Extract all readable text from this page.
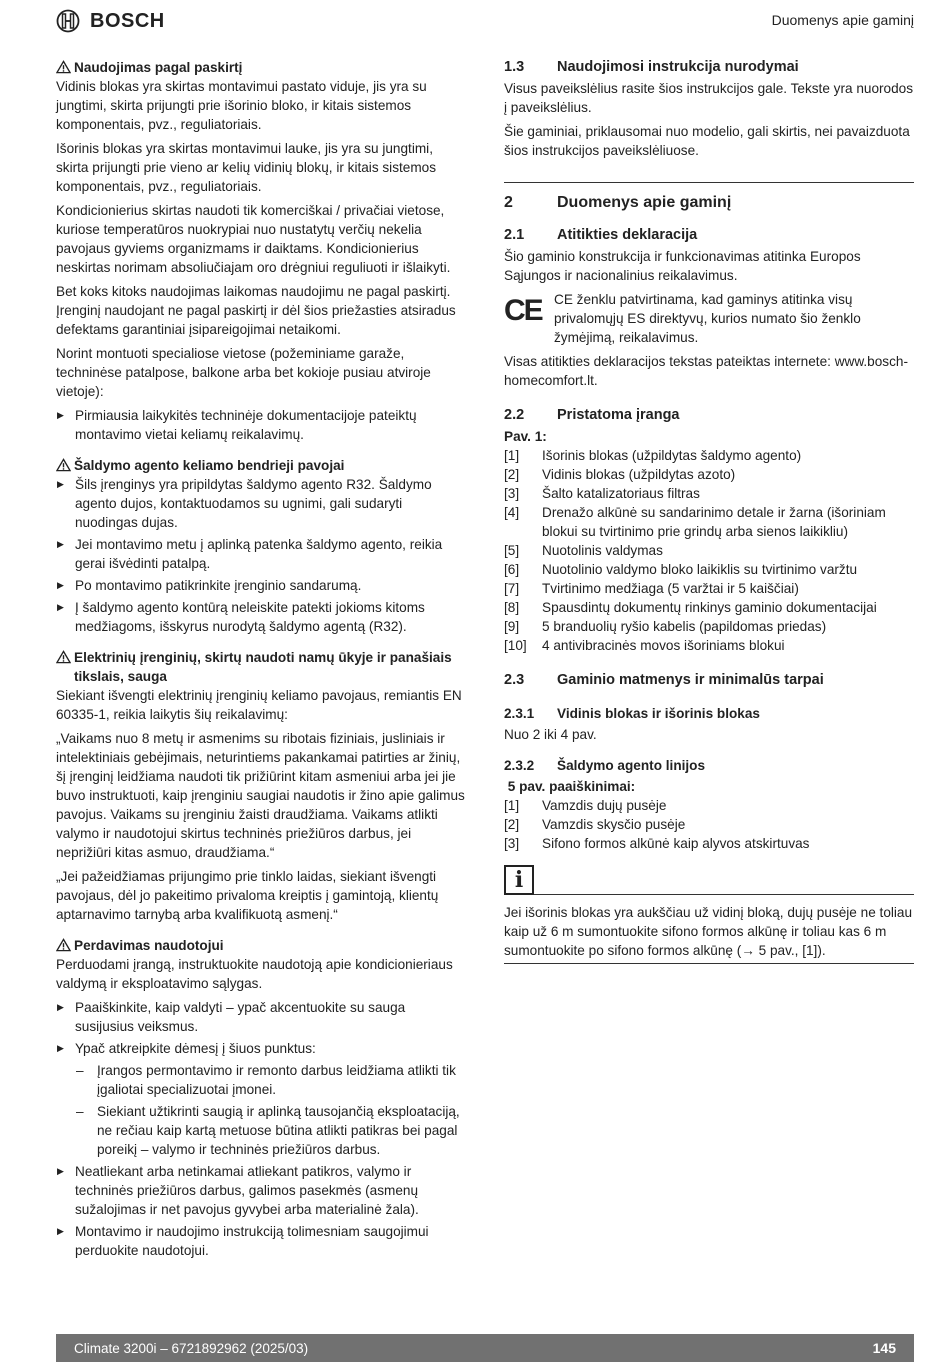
BOSCH	Duomenys apie gaminį
Naudojimas pagal paskirtį

Vidinis blokas yra skirtas montavimui pastato viduje, jis yra su jungtimi, skirta prijungti prie išorinio bloko, ir kitais sistemos komponentais, pvz., reguliatoriais.

Išorinis blokas yra skirtas montavimui lauke, jis yra su jungtimi, skirta prijungti prie vieno ar kelių vidinių blokų, ir kitais sistemos komponentais, pvz., reguliatoriais.

Kondicionierius skirtas naudoti tik komerciškai / privačiai vietose, kuriose temperatūros nuokrypiai nuo nustatytų verčių nekelia pavojaus gyviems organizmams ir daiktams. Kondicionierius neskirtas norimam absoliučiajam oro drėgniui reguliuoti ir išlaikyti.

Bet koks kitoks naudojimas laikomas naudojimu ne pagal paskirtį. Įrenginį naudojant ne pagal paskirtį ir dėl šios priežasties atsiradus defektams garantiniai įsipareigojimai netaikomi.

Norint montuoti specialiose vietose (požeminiame garaže, techninėse patalpose, balkone arba bet kokioje pusiau atviroje vietoje):

▶ Pirmiausia laikykitės techninėje dokumentacijoje pateiktų montavimo vietai keliamų reikalavimų.
Šaldymo agento keliamo bendrieji pavojai
▶ Šils įrenginys yra pripildytas šaldymo agento R32. Šaldymo agento dujos, kontaktuodamos su ugnimi, gali sudaryti nuodingas dujas.
▶ Jei montavimo metu į aplinką patenka šaldymo agento, reikia gerai išvėdinti patalpą.
▶ Po montavimo patikrinkite įrenginio sandarumą.
▶ Į šaldymo agento kontūrą neleiskite patekti jokioms kitoms medžiagoms, išskyrus nurodytą šaldymo agentą (R32).
Elektrinių įrenginių, skirtų naudoti namų ūkyje ir panašiais tikslais, sauga

Siekiant išvengti elektrinių įrenginių keliamo pavojaus, remiantis EN 60335-1, reikia laikytis šių reikalavimų:

„Vaikams nuo 8 metų ir asmenims su ribotais fiziniais, jusliniais ir intelektiniais gebėjimais, neturintiems pakankamai patirties ar žinių, šį įrenginį leidžiama naudoti tik prižiūrint kitam asmeniui arba jei jie buvo instruktuoti, kaip įrenginiu saugiai naudotis ir žino apie galimus pavojus. Vaikams su įrenginiu žaisti draudžiama. Vaikams atlikti valymo ir naudotojui skirtus techninės priežiūros darbus, jei neprižiūri kitas asmuo, draudžiama.“

„Jei pažeidžiamas prijungimo prie tinklo laidas, siekiant išvengti pavojaus, dėl jo pakeitimo privaloma kreiptis į gamintoją, klientų aptarnavimo tarnybą arba kvalifikuotą asmenį.“

Perdavimas naudotojui

Perduodami įrangą, instruktuokite naudotoją apie kondicionieriaus valdymą ir eksploatavimo sąlygas.

▶ Paaiškinkite, kaip valdyti – ypač akcentuokite su sauga susijusius veiksmus.
▶ Ypač atkreipkite dėmesį į šiuos punktus:
– Įrangos permontavimo ir remonto darbus leidžiama atlikti tik įgaliotai specializuotai įmonei.
– Siekiant užtikrinti saugią ir aplinką tausojančią eksploataciją, ne rečiau kaip kartą metuose būtina atlikti patikras bei pagal poreikį – valymo ir techninės priežiūros darbus.
▶ Neatliekant arba netinkamai atliekant patikros, valymo ir techninės priežiūros darbus, galimos pasekmės (asmenų sužalojimas ir net pavojus gyvybei arba materialinė žala).
▶ Montavimo ir naudojimo instrukciją tolimesniam saugojimui perduokite naudotojui.
1.3	Naudojimosi instrukcija nurodymai

Visus paveikslėlius rasite šios instrukcijos gale. Tekste yra nuorodos į paveikslėlius.

Šie gaminiai, priklausomai nuo modelio, gali skirtis, nei pavaizduota šios instrukcijos paveikslėliuose.

2	Duomenys apie gaminį
2.1	Atitikties deklaracija

Šio gaminio konstrukcija ir funkcionavimas atitinka Europos Sąjungos ir nacionalinius reikalavimus.

CE CE ženklu patvirtinama, kad gaminys atitinka visų privalomųjų ES direktyvų, kurios numato šio ženklo žymėjimą, reikalavimus.

Visas atitikties deklaracijos tekstas pateiktas internete: www.bosch-homecomfort.lt.

2.2	Pristatoma įranga
Pav. 1:
[1]	Išorinis blokas (užpildytas šaldymo agento)
[2]	Vidinis blokas (užpildytas azoto)
[3]	Šalto katalizatoriaus filtras
[4]	Drenažo alkūnė su sandarinimo detale ir žarna (išoriniam blokui su tvirtinimo prie grindų arba sienos laikikliu)
[5]	Nuotolinis valdymas
[6]	Nuotolinio valdymo bloko laikiklis su tvirtinimo varžtu
[7]	Tvirtinimo medžiaga (5 varžtai ir 5 kaiščiai)
[8]	Spausdintų dokumentų rinkinys gaminio dokumentacijai
[9]	5 branduolių ryšio kabelis (papildomas priedas)
[10]	4 antivibracinės movos išoriniams blokui
2.3	Gaminio matmenys ir minimalūs tarpai
2.3.1	Vidinis blokas ir išorinis blokas

Nuo 2 iki 4 pav.

2.3.2	Šaldymo agento linijos
5 pav. paaiškinimai:
[1]	Vamzdis dujų pusėje
[2]	Vamzdis skysčio pusėje
[3]	Sifono formos alkūnė kaip alyvos atskirtuvas
i

Jei išorinis blokas yra aukščiau už vidinį bloką, dujų pusėje ne toliau kaip už 6 m sumontuokite sifono formos alkūnę ir toliau kas 6 m sumontuokite po sifono formos alkūnę (→ 5 pav., [1]).

Climate 3200i – 6721892962 (2025/03)	145
